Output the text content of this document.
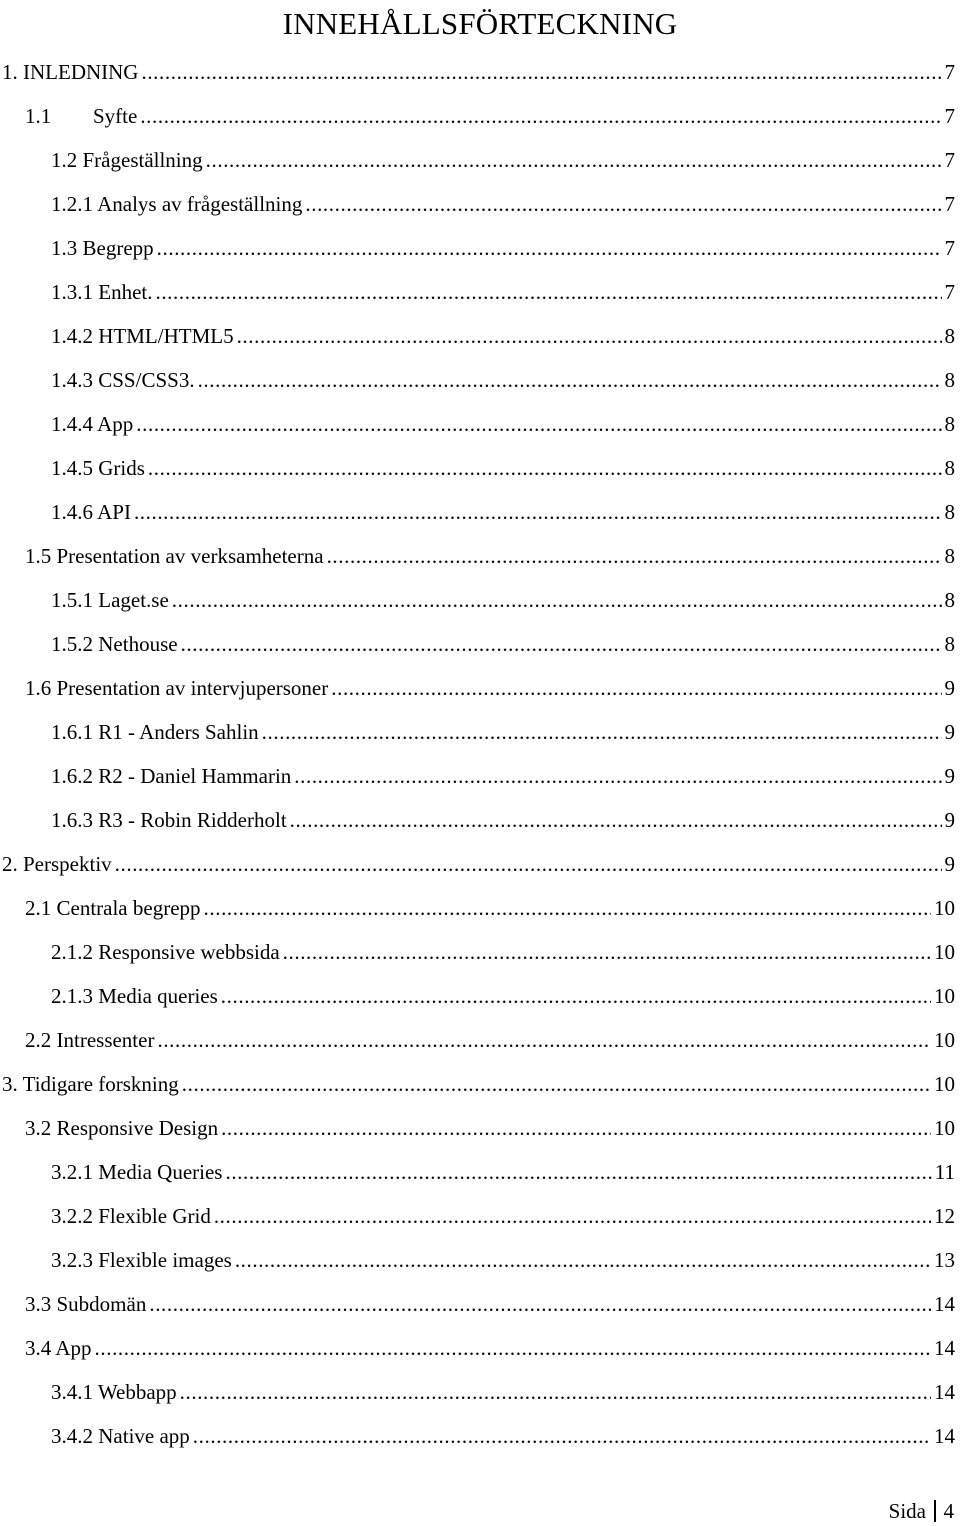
INNEHÅLLSFÖRTECKNING
1. INLEDNING .....	7
1.1 Syfte .....	7
1.2 Frågeställning .....	7
1.2.1 Analys av frågeställning .....	7
1.3 Begrepp .....	7
1.3.1 Enhet. .....	7
1.4.2 HTML/HTML5 .....	8
1.4.3 CSS/CSS3. .....	8
1.4.4 App .....	8
1.4.5 Grids .....	8
1.4.6 API .....	8
1.5 Presentation av verksamheterna .....	8
1.5.1 Laget.se .....	8
1.5.2 Nethouse .....	8
1.6 Presentation av intervjupersoner .....	9
1.6.1 R1 - Anders Sahlin .....	9
1.6.2 R2 - Daniel Hammarin .....	9
1.6.3 R3 - Robin Ridderholt .....	9
2. Perspektiv .....	9
2.1 Centrala begrepp .....	10
2.1.2 Responsive webbsida .....	10
2.1.3 Media queries .....	10
2.2 Intressenter .....	10
3. Tidigare forskning .....	10
3.2 Responsive Design .....	10
3.2.1 Media Queries .....	11
3.2.2 Flexible Grid .....	12
3.2.3 Flexible images .....	13
3.3 Subdomän .....	14
3.4 App .....	14
3.4.1 Webbapp .....	14
3.4.2 Native app .....	14
Sida 4
